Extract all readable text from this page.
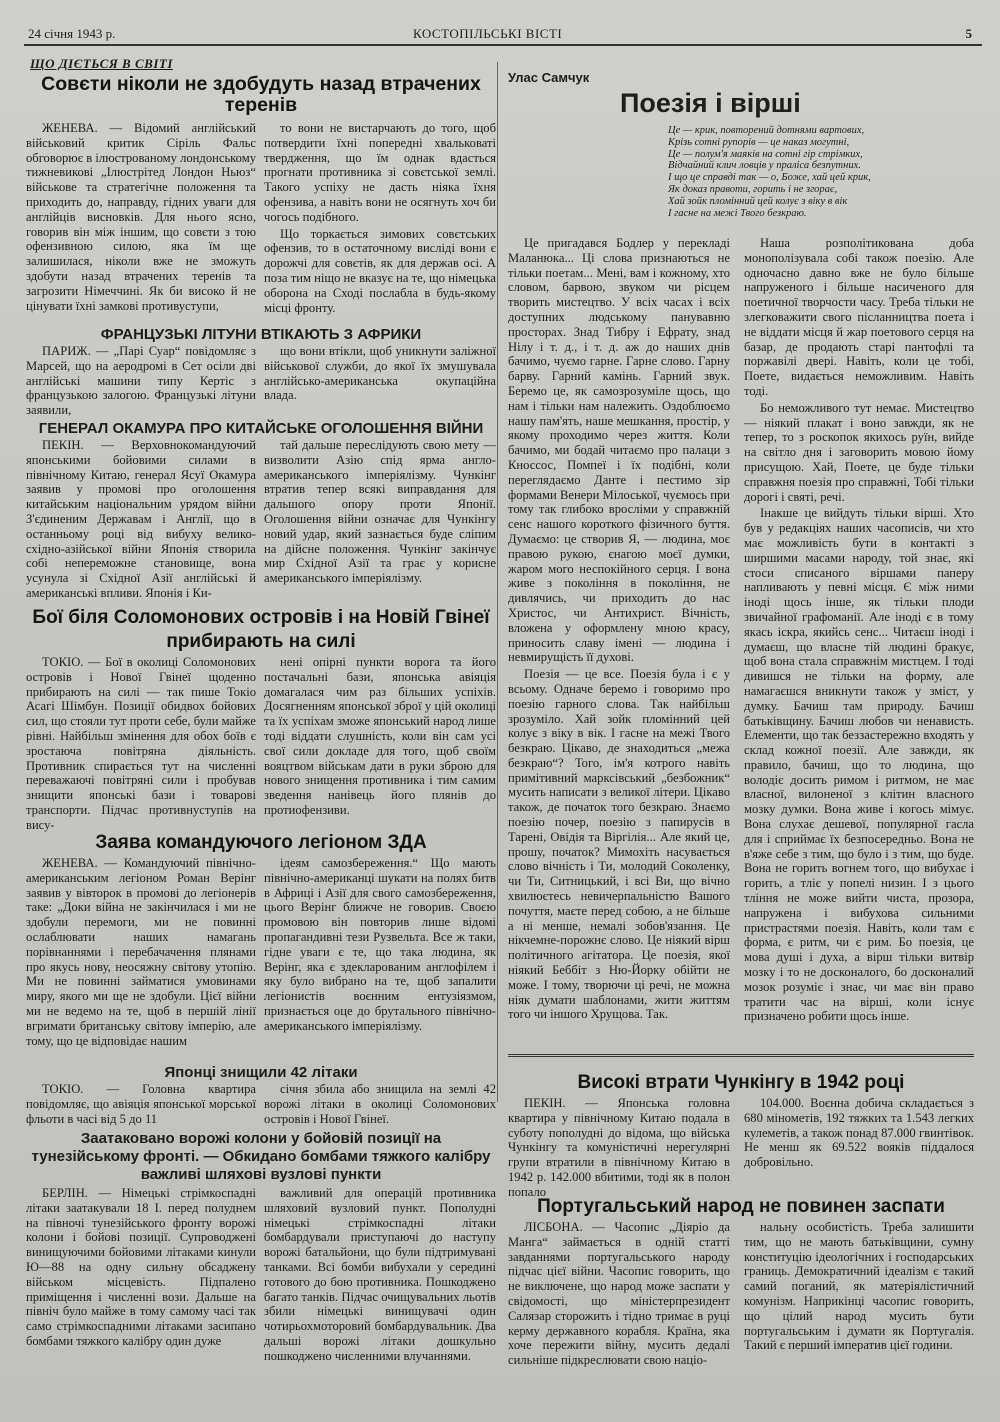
24 січня 1943 р.	КОСТОПІЛЬСЬКІ ВІСТІ	5
ЩО ДІЄТЬСЯ В СВІТІ
Совєти ніколи не здобудуть назад втрачених теренів

ЖЕНЕВА. — Відомий англійський військовий критик Сіріль Фальс обговорює в ілюстрованому лондонському тижневикові „Ілюстрітед Лондон Ньюз“ військове та стратегічне положення та приходить до, направду, гідних уваги для англійців висновків. Для нього ясно, говорив він між іншим, що совєти з тою офензивною силою, яка їм ще залишилася, ніколи вже не зможуть здобути назад втрачених теренів та загрозити Німеччині. Як би високо й не цінувати їхні замкові противуступи,

то вони не вистарчають до того, щоб потвердити їхні попередні хвальковаті твердження, що їм однак вдасться прогнати противника зі совєтської землі. Такого успіху не дасть ніяка їхня офензива, а навіть вони не осягнуть хоч би чогось подібного.

Що торкається зимових совєтських офензив, то в остаточному висліді вони є дорожчі для совєтів, як для держав осі. А поза тим ніщо не вказує на те, що німецька оборона на Сході послабла в будь-якому місці фронту.

ФРАНЦУЗЬКІ ЛІТУНИ ВТІКАЮТЬ З АФРИКИ

ПАРИЖ. — „Парі Суар“ повідомляє з Марсей, що на аеродромі в Сет осіли дві англійські машини типу Кертіс з французькою залогою. Французькі літуни заявили,

що вони втікли, щоб уникнути заліжної військової служби, до якої їх змушувала англійсько-американська окупаційна влада.

ГЕНЕРАЛ ОКАМУРА ПРО КИТАЙСЬКЕ ОГОЛОШЕННЯ ВІЙНИ

ПЕКІН. — Верховнокомандуючий японськими бойовими силами в північному Китаю, генерал Ясуї Окамура заявив у промові про оголошення китайським національним урядом війни З'єдиненим Державам і Англії, що в останньому році від вибуху велико-східно-азійської війни Японія створила собі непереможне становище, вона усунула зі Східної Азії англійські й американські впливи. Японія і Ки-

тай дальше переслідують свою мету — визволити Азію спід ярма англо-американського імперіялізму. Чункінг втратив тепер всякі виправдання для дальшого опору проти Японії. Оголошення війни означає для Чункінгу новий удар, який зазнається буде сліпим на дійсне положення. Чункінг закінчує мир Східної Азії та грає у корисне американського імперіялізму.

Бої біля Соломонових островів і на Новій Гвінеї прибирають на силі

ТОКІО. — Бої в околиці Соломонових островів і Нової Гвінеї щоденно прибирають на силі — так пише Токіо Асагі Шімбун. Позиції обидвох бойових сил, що стояли тут проти себе, були майже рівні. Найбільш змінення для обох боїв є зростаюча повітряна діяльність. Противник спирається тут на численні переважаючі повітряні сили і пробував знищити японські бази і товарові транспорти. Підчас противнуступів на вису-

нені опірні пункти ворога та його постачальні бази, японська авіяція домагалася чим раз більших успіхів. Досягненням японської зброї у цій околиці та їх успіхам зможе японський народ лише тоді віддати слушність, коли він сам усі свої сили докладе для того, щоб своїм вояцтвом військам дати в руки зброю для нового знищення противника і тим самим зведення нанівець його плянів до протиофензиви.

Заява командуючого легіоном ЗДА

ЖЕНЕВА. — Командуючий північно-американським легіоном Роман Верінг заявив у вівторок в промові до легіонерів таке: „Доки війна не закінчилася і ми не здобули перемоги, ми не повинні ослаблювати наших намагань порівнаннями і перебачачення плянами про якусь нову, неосяжну світову утопію. Ми не повинні займатися умовинами миру, якого ми ще не здобули. Цієї війни ми не ведемо на те, щоб в першій лінії вгримати британську світову імперію, але тому, що це відповідає нашим

ідеям самозбереження.“ Що мають північно-американці шукати на полях битв в Африці і Азії для свого самозбереження, цього Верінг ближче не говорив. Своєю промовою він повторив лише відомі пропагандивні тези Рузвельта. Все ж таки, гідне уваги є те, що така людина, як Верінг, яка є здекларованим англофілем і яку було вибрано на те, щоб запалити легіонистів воєнним ентузіязмом, признається оце до брутального північно-американського імперіялізму.

Японці знищили 42 літаки

ТОКІО. — Головна квартира повідомляє, що авіяція японської морської фльоти в часі від 5 до 11

січня збила або знищила на землі 42 ворожі літаки в околиці Соломонових островів і Нової Гвінеї.

Заатаковано ворожі колони у бойовій позиції на тунезійському фронті. — Обкидано бомбами тяжкого калібру важливі шляхові вузлові пункти

БЕРЛІН. — Німецькі стрімкоспадні літаки заатакували 18 І. перед полуднем на півночі тунезійського фронту ворожі колони і бойові позиції. Супроводжені винищуючими бойовими літаками кинули Ю—88 на одну сильну обсаджену військом місцевість. Підпалено приміщення і численні вози. Дальше на північ було майже в тому самому часі так само стрімкоспадними літаками засипано бомбами тяжкого калібру один дуже

важливий для операцій противника шляховий вузловий пункт. Пополудні німецькі стрімкоспадні літаки бомбардували приступаючі до наступу ворожі батальйони, що були підтримувані танками. Всі бомби вибухали у середині готового до бою противника. Пошкоджено багато танків. Підчас очищувальних льотів збили німецькі винищувачі один чотирьохмоторовий бомбардувальник. Два дальші ворожі літаки дошкульно пошкоджено численними влучаннями.

Улас Самчук
Поезія і вірші
Це — крик, повторений дотнями вартових,
Крізь сотні рупорів — це наказ могутні,
Це — полум'я маяків на сотні гір стрімких,
Відчайний клич ловців у праліса безпутних.
І що це справді так — о, Боже, хай цей крик,
Як доказ правоти, горить і не згорає,
Хай зойк пломінний цей колує з віку в вік
І гасне на межі Твого безкраю.

Це пригадався Бодлер у перекладі Маланюка... Ці слова признаються не тільки поетам... Мені, вам і кожному, хто словом, барвою, звуком чи рісцем творить мистецтво. У всіх часах і всіх доступних людському панувавню просторах. Знад Тибру і Ефрату, знад Нілу і т. д., і т. д. аж до наших днів бачимо, чуємо гарне. Гарне слово. Гарну барву. Гарний камінь. Гарний звук. Беремо це, як самозрозуміле щось, що нам і тільки нам належить. Оздоблюємо нашу пам'ять, наше мешкання, простір, у якому проходимо через життя. Коли бачимо, ми бодай читаємо про палаци з Кноссос, Помпеї і їх подібні, коли переглядаємо Данте і пестимо зір формами Венери Мілоської, чуємось при тому так глибоко вросліми у справжній сенс нашого короткого фізичного буття. Думаємо: це створив Я, — людина, моє правою рукою, єнагою моєї думки, жаром мого неспокійного серця. І вона живе з покоління в покоління, не дивлячись, чи приходить до нас Христос, чи Антихрист. Вічність, вложена у оформлену мною красу, приносить славу імені — людина і невмирущість її духові.

Поезія — це все. Поезія була і є у всьому. Одначе беремо і говоримо про поезію гарного слова. Так найбільш зрозуміло. Хай зойк пломінний цей колує з віку в вік. І гасне на межі Твого безкраю. Цікаво, де знаходиться „межа безкраю“? Того, ім'я котрого навіть примітивний марксівський „безбожник“ мусить написати з великої літери. Цікаво також, де початок того безкраю. Знаємо поезію почер, поезію з папирусів в Тарені, Овідія та Віргілія... Але який це, прошу, початок? Мимохіть насувається слово вічність і Ти, молодий Соколенку, чи Ти, Ситницький, і всі Ви, що вічно хвилюєтесь невичерпальністю Вашого почуття, маєте перед собою, а не більше а ні менше, немалі зобов'язання. Це нікчемне-порожнє слово. Це ніякий вірш політичного агітатора. Це поезія, якої ніякий Беббіт з Ню-Йорку обійти не може. І тому, творючи ці речі, не можна ніяк думати шаблонами, жити життям того чи іншого Хрущова. Так.

Наша розполітикована доба монополізувала собі також поезію. Але одночасно давно вже не було більше напруженого і більше насиченого для поетичної творчости часу. Треба тільки не злегковажити свого післанництва поета і не віддати місця й жар поетового серця на базар, де продають старі пантофлі та поржавілі двері. Навіть, коли це тобі, Поете, видається неможливим. Навіть тоді.

Бо неможливого тут немає. Мистецтво — ніякий плакат і воно завжди, як не тепер, то з роскопок якихось руїн, вийде на світло дня і заговорить мовою йому присущою. Хай, Поете, це буде тільки справжня поезія про справжні, Тобі тільки дорогі і святі, речі.

Інакше це вийдуть тільки вірші. Хто був у редакціях наших часописів, чи хто має можливість бути в контакті з ширшими масами народу, той знає, які стоси списаного віршами паперу напливають у певні місця. Є між ними іноді щось інше, як тільки плоди звичайної графоманії. Але іноді є в тому якась іскра, якийсь сенс... Читаєш іноді і думаєш, що власне тій людині бракує, щоб вона стала справжнім мистцем. І тоді дивишся не тільки на форму, але намагаєшся вникнути також у зміст, у думку. Бачиш там природу. Бачиш батьківщину. Бачиш любов чи ненависть. Елементи, що так беззастережно входять у склад кожної поезії. Але завжди, як правило, бачиш, що то людина, що володіє досить римом і ритмом, не має власної, вилоненої з клітин власного мозку думки. Вона живе і когось мімує. Вона слухає дешевої, популярної гасла для і сприймає їх безпосередньо. Вона не в'яже себе з тим, що було і з тим, що буде. Вона не горить вогнем того, що вибухає і горить, а тліє у попелі низин. І з цього тління не може вийти чиста, прозора, напружена і вибухова сильними пристрастями поезія. Навіть, коли там є форма, є ритм, чи є рим. Бо поезія, це мова душі і духа, а вірш тільки витвір мозку і то не досконалого, бо досконалий мозок розуміє і знає, чи має він право тратити час на вірші, коли існує призначено робити щось інше.

Високі втрати Чункінгу в 1942 році

ПЕКІН. — Японська головна квартира у північному Китаю подала в суботу пополудні до відома, що війська Чункінгу та комуністичні нерегулярні групи втратили в північному Китаю в 1942 р. 142.000 вбитими, тоді як в полон попало

104.000. Воєнна добича складається з 680 мінометів, 192 тяжких та 1.543 легких кулеметів, а також понад 87.000 гвинтівок. Не менш як 69.522 вояків піддалося добровільно.

Португальський народ не повинен заспати

ЛІСБОНА. — Часопис „Діяріо да Манга“ займається в одній статті завданнями португальського народу підчас цієї війни. Часопис говорить, що не виключене, що народ може заспати у свідомості, що міністерпрезидент Салязар сторожить і тідно тримає в руці керму державного корабля. Країна, яка хоче пережити війну, мусить дедалі сильніше підкреслювати свою націо-

нальну особистість. Треба залишити тим, що не мають батьківщини, сумну конституцію ідеологічних і господарських границь. Демократичний ідеалізм є такий самий поганий, як матеріялістичний комунізм. Наприкінці часопис говорить, що цілий народ мусить бути португальським і думати як Португалія. Такий є перший імператив цієї години.
